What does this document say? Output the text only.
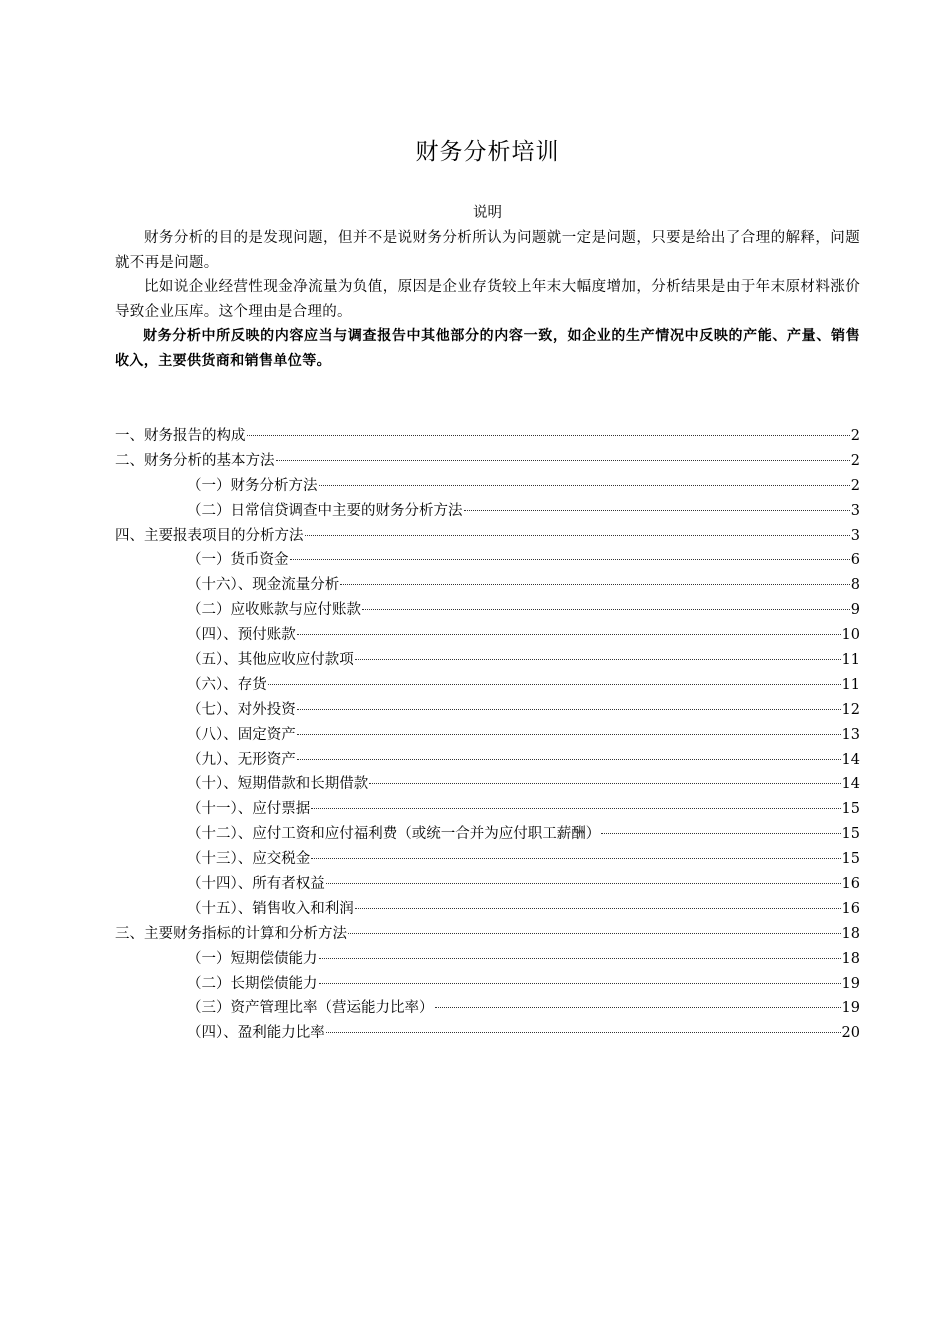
财务分析培训
说明

财务分析的目的是发现问题，但并不是说财务分析所认为问题就一定是问题，只要是给出了合理的解释，问题就不再是问题。

比如说企业经营性现金净流量为负值，原因是企业存货较上年末大幅度增加，分析结果是由于年末原材料涨价导致企业压库。这个理由是合理的。

财务分析中所反映的内容应当与调查报告中其他部分的内容一致，如企业的生产情况中反映的产能、产量、销售收入，主要供货商和销售单位等。

一、财务报告的构成	2
二、财务分析的基本方法	2
（一）财务分析方法	2
（二）日常信贷调查中主要的财务分析方法	3
四、主要报表项目的分析方法	3
（一）货币资金	6
（十六）、现金流量分析	8
（二）应收账款与应付账款	9
（四）、预付账款	10
（五）、其他应收应付款项	11
（六）、存货	11
（七）、对外投资	12
（八）、固定资产	13
（九）、无形资产	14
（十）、短期借款和长期借款	14
（十一）、应付票据	15
（十二）、应付工资和应付福利费（或统一合并为应付职工薪酬）	15
（十三）、应交税金	15
（十四）、所有者权益	16
（十五）、销售收入和利润	16
三、主要财务指标的计算和分析方法	18
（一）短期偿债能力	18
（二）长期偿债能力	19
（三）资产管理比率（营运能力比率）	19
（四）、盈利能力比率	20
